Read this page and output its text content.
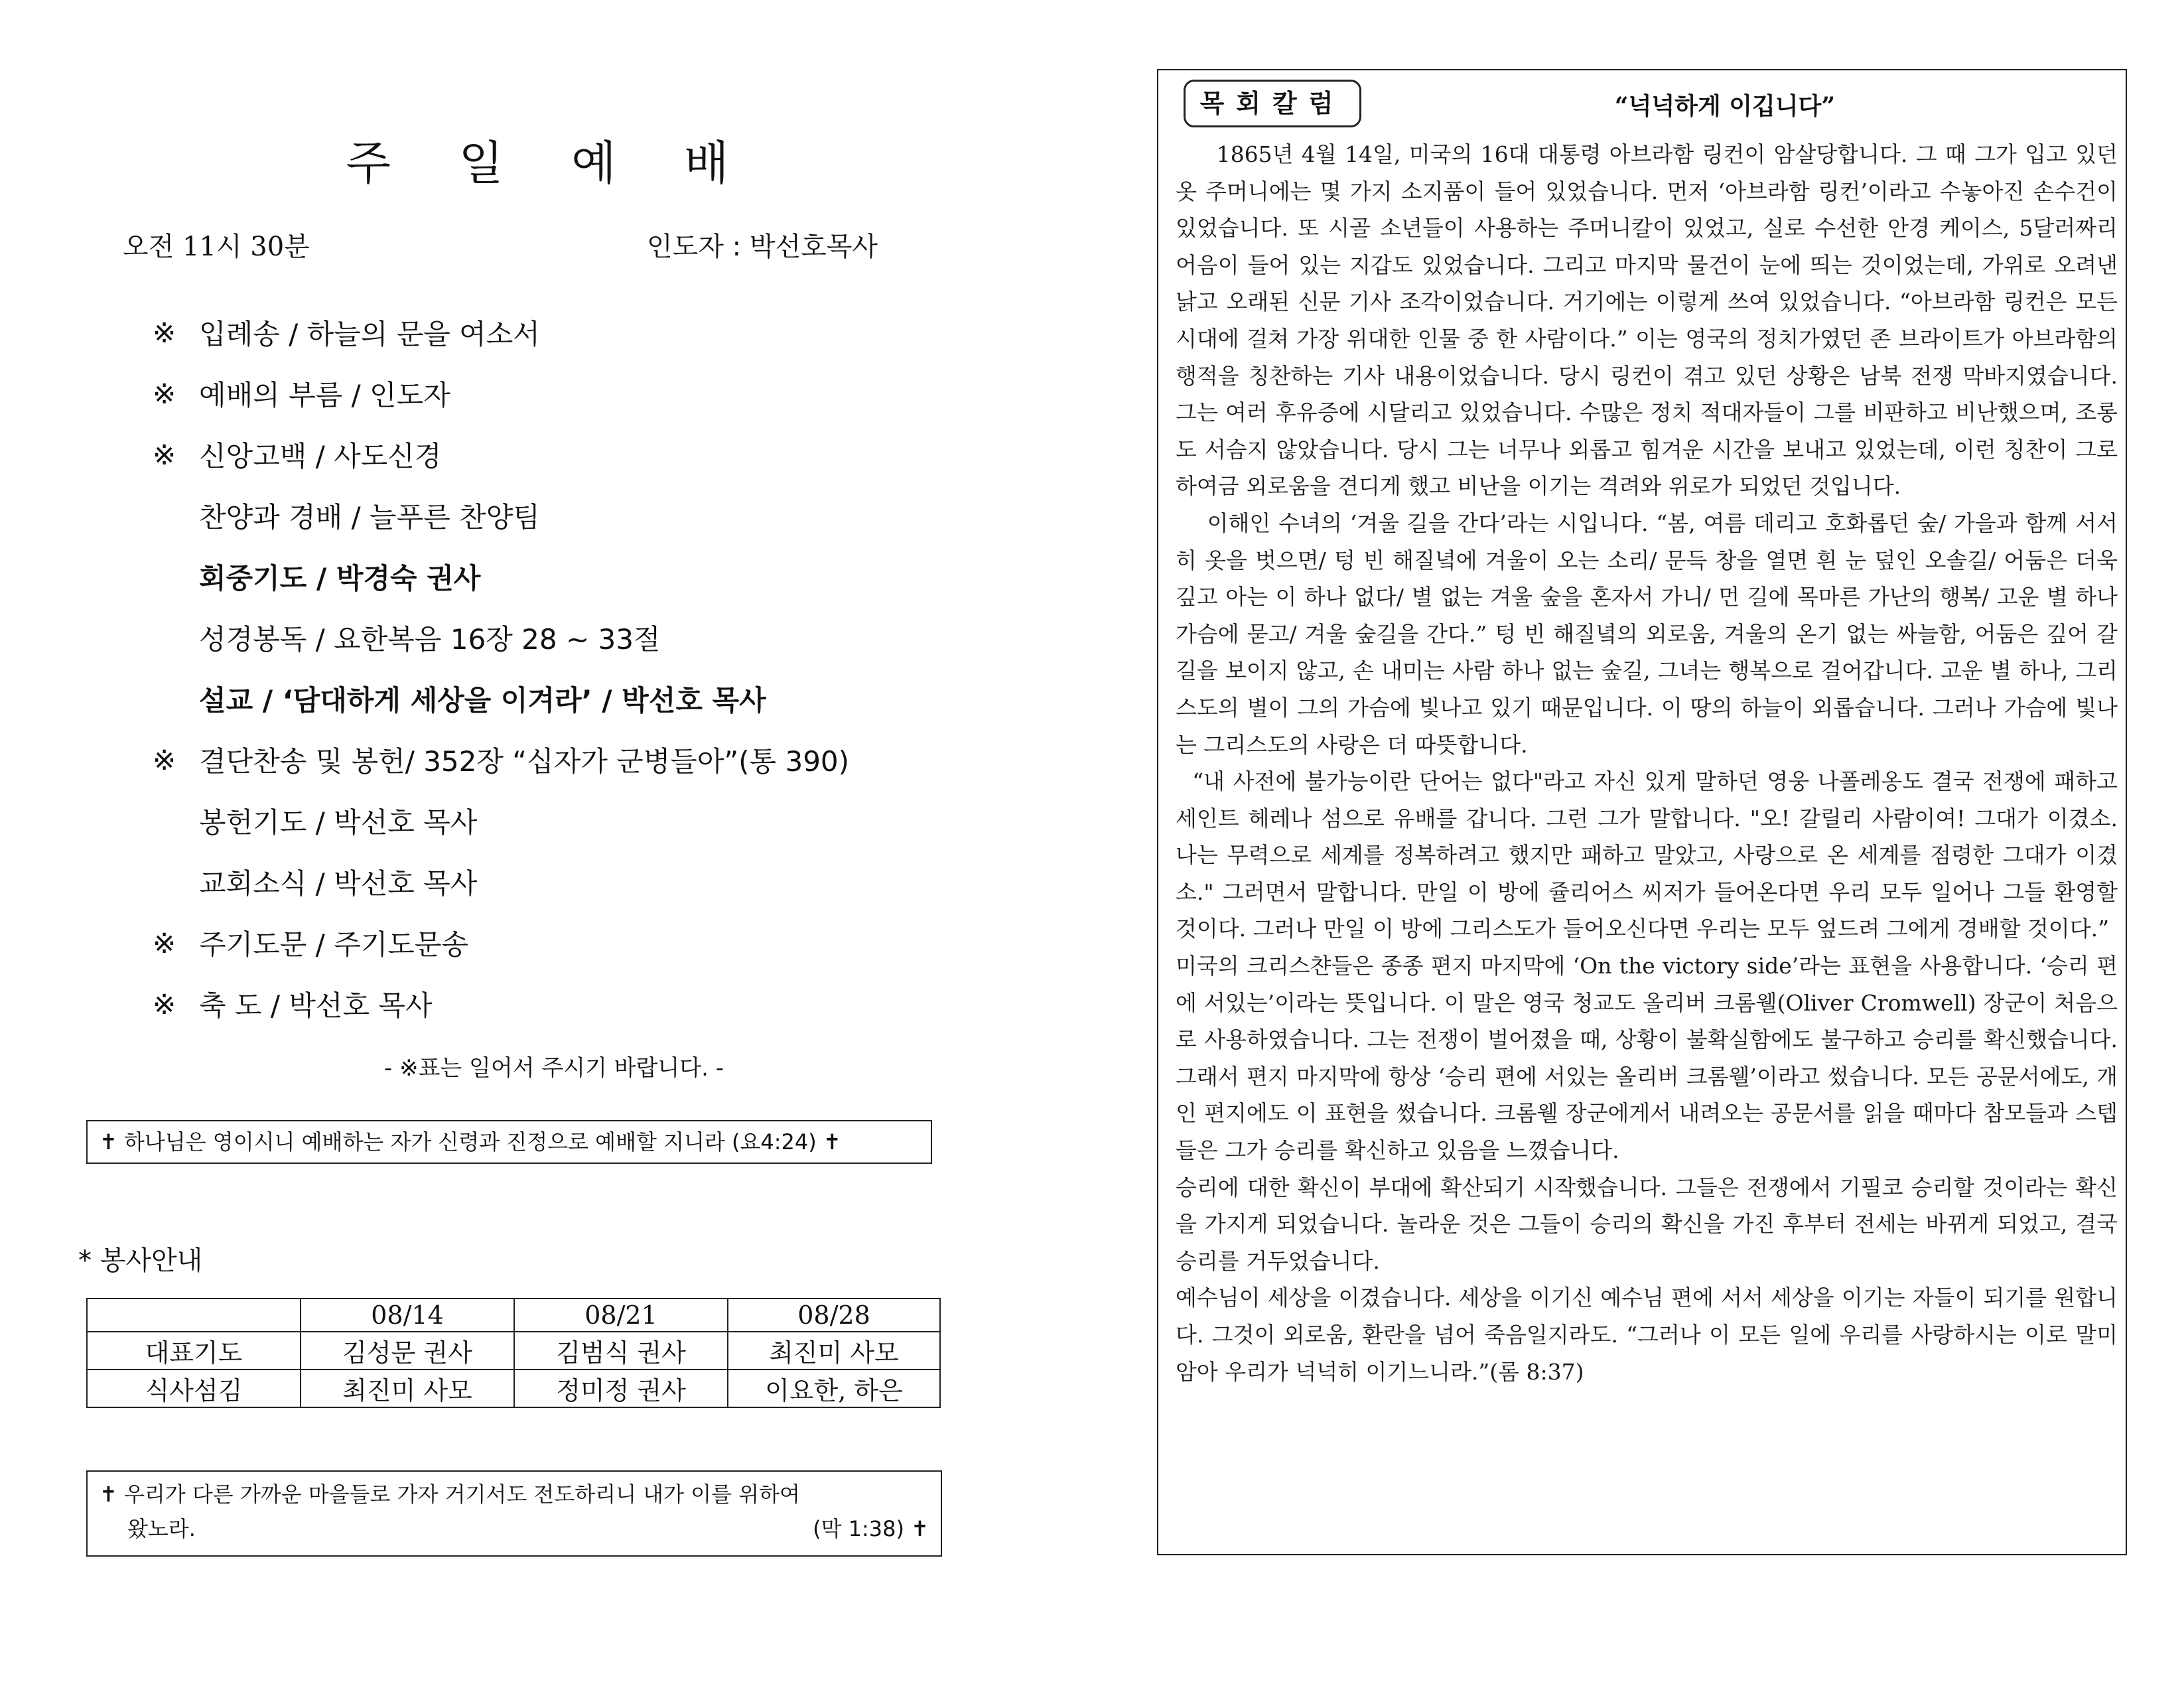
주 일 예 배
오전 11시 30분	인도자 : 박선호목사
※ 입례송 / 하늘의 문을 여소서
※ 예배의 부름 / 인도자
※ 신앙고백 / 사도신경
찬양과 경배 / 늘푸른 찬양팀
회중기도 / 박경숙 권사
성경봉독 / 요한복음 16장 28 ~ 33절
설교 / ‘담대하게 세상을 이겨라’ / 박선호 목사
※ 결단찬송 및 봉헌/ 352장 “십자가 군병들아”(통 390)
봉헌기도 / 박선호 목사
교회소식 / 박선호 목사
※ 주기도문 / 주기도문송
※ 축 도 / 박선호 목사
- ※표는 일어서 주시기 바랍니다. -
✝ 하나님은 영이시니 예배하는 자가 신령과 진정으로 예배할 지니라 (요4:24) ✝
* 봉사안내
	08/14	08/21	08/28
대표기도	김성문 권사	김범식 권사	최진미 사모
식사섬김	최진미 사모	정미정 권사	이요한, 하은
✝ 우리가 다른 가까운 마을들로 가자 거기서도 전도하리니 내가 이를 위하여
왔노라.	(막 1:38) ✝
목회칼럼	“넉넉하게 이깁니다”

1865년 4월 14일, 미국의 16대 대통령 아브라함 링컨이 암살당합니다. 그 때 그가 입고 있던 옷 주머니에는 몇 가지 소지품이 들어 있었습니다. 먼저 ‘아브라함 링컨’이라고 수놓아진 손수건이 있었습니다. 또 시골 소년들이 사용하는 주머니칼이 있었고, 실로 수선한 안경 케이스, 5달러짜리 어음이 들어 있는 지갑도 있었습니다. 그리고 마지막 물건이 눈에 띄는 것이었는데, 가위로 오려낸 낡고 오래된 신문 기사 조각이었습니다. 거기에는 이렇게 쓰여 있었습니다. “아브라함 링컨은 모든 시대에 걸쳐 가장 위대한 인물 중 한 사람이다.” 이는 영국의 정치가였던 존 브라이트가 아브라함의 행적을 칭찬하는 기사 내용이었습니다. 당시 링컨이 겪고 있던 상황은 남북 전쟁 막바지였습니다. 그는 여러 후유증에 시달리고 있었습니다. 수많은 정치 적대자들이 그를 비판하고 비난했으며, 조롱도 서슴지 않았습니다. 당시 그는 너무나 외롭고 힘겨운 시간을 보내고 있었는데, 이런 칭찬이 그로 하여금 외로움을 견디게 했고 비난을 이기는 격려와 위로가 되었던 것입니다.

이해인 수녀의 ‘겨울 길을 간다’라는 시입니다. “봄, 여름 데리고 호화롭던 숲/ 가을과 함께 서서히 옷을 벗으면/ 텅 빈 해질녘에 겨울이 오는 소리/ 문득 창을 열면 흰 눈 덮인 오솔길/ 어둠은 더욱 깊고 아는 이 하나 없다/ 별 없는 겨울 숲을 혼자서 가니/ 먼 길에 목마른 가난의 행복/ 고운 별 하나 가슴에 묻고/ 겨울 숲길을 간다.” 텅 빈 해질녘의 외로움, 겨울의 온기 없는 싸늘함, 어둠은 깊어 갈 길을 보이지 않고, 손 내미는 사람 하나 없는 숲길, 그녀는 행복으로 걸어갑니다. 고운 별 하나, 그리스도의 별이 그의 가슴에 빛나고 있기 때문입니다. 이 땅의 하늘이 외롭습니다. 그러나 가슴에 빛나는 그리스도의 사랑은 더 따뜻합니다.

“내 사전에 불가능이란 단어는 없다"라고 자신 있게 말하던 영웅 나폴레옹도 결국 전쟁에 패하고 세인트 헤레나 섬으로 유배를 갑니다. 그런 그가 말합니다. "오! 갈릴리 사람이여! 그대가 이겼소. 나는 무력으로 세계를 정복하려고 했지만 패하고 말았고, 사랑으로 온 세계를 점령한 그대가 이겼소." 그러면서 말합니다. 만일 이 방에 쥴리어스 씨저가 들어온다면 우리 모두 일어나 그들 환영할 것이다. 그러나 만일 이 방에 그리스도가 들어오신다면 우리는 모두 엎드려 그에게 경배할 것이다.”

미국의 크리스챤들은 종종 편지 마지막에 ‘On the victory side’라는 표현을 사용합니다. ‘승리 편에 서있는’이라는 뜻입니다. 이 말은 영국 청교도 올리버 크롬웰(Oliver Cromwell) 장군이 처음으로 사용하였습니다. 그는 전쟁이 벌어졌을 때, 상황이 불확실함에도 불구하고 승리를 확신했습니다. 그래서 편지 마지막에 항상 ‘승리 편에 서있는 올리버 크롬웰’이라고 썼습니다. 모든 공문서에도, 개인 편지에도 이 표현을 썼습니다. 크롬웰 장군에게서 내려오는 공문서를 읽을 때마다 참모들과 스텝들은 그가 승리를 확신하고 있음을 느꼈습니다.

승리에 대한 확신이 부대에 확산되기 시작했습니다. 그들은 전쟁에서 기필코 승리할 것이라는 확신을 가지게 되었습니다. 놀라운 것은 그들이 승리의 확신을 가진 후부터 전세는 바뀌게 되었고, 결국 승리를 거두었습니다.

예수님이 세상을 이겼습니다. 세상을 이기신 예수님 편에 서서 세상을 이기는 자들이 되기를 원합니다. 그것이 외로움, 환란을 넘어 죽음일지라도. “그러나 이 모든 일에 우리를 사랑하시는 이로 말미암아 우리가 넉넉히 이기느니라.”(롬 8:37)
